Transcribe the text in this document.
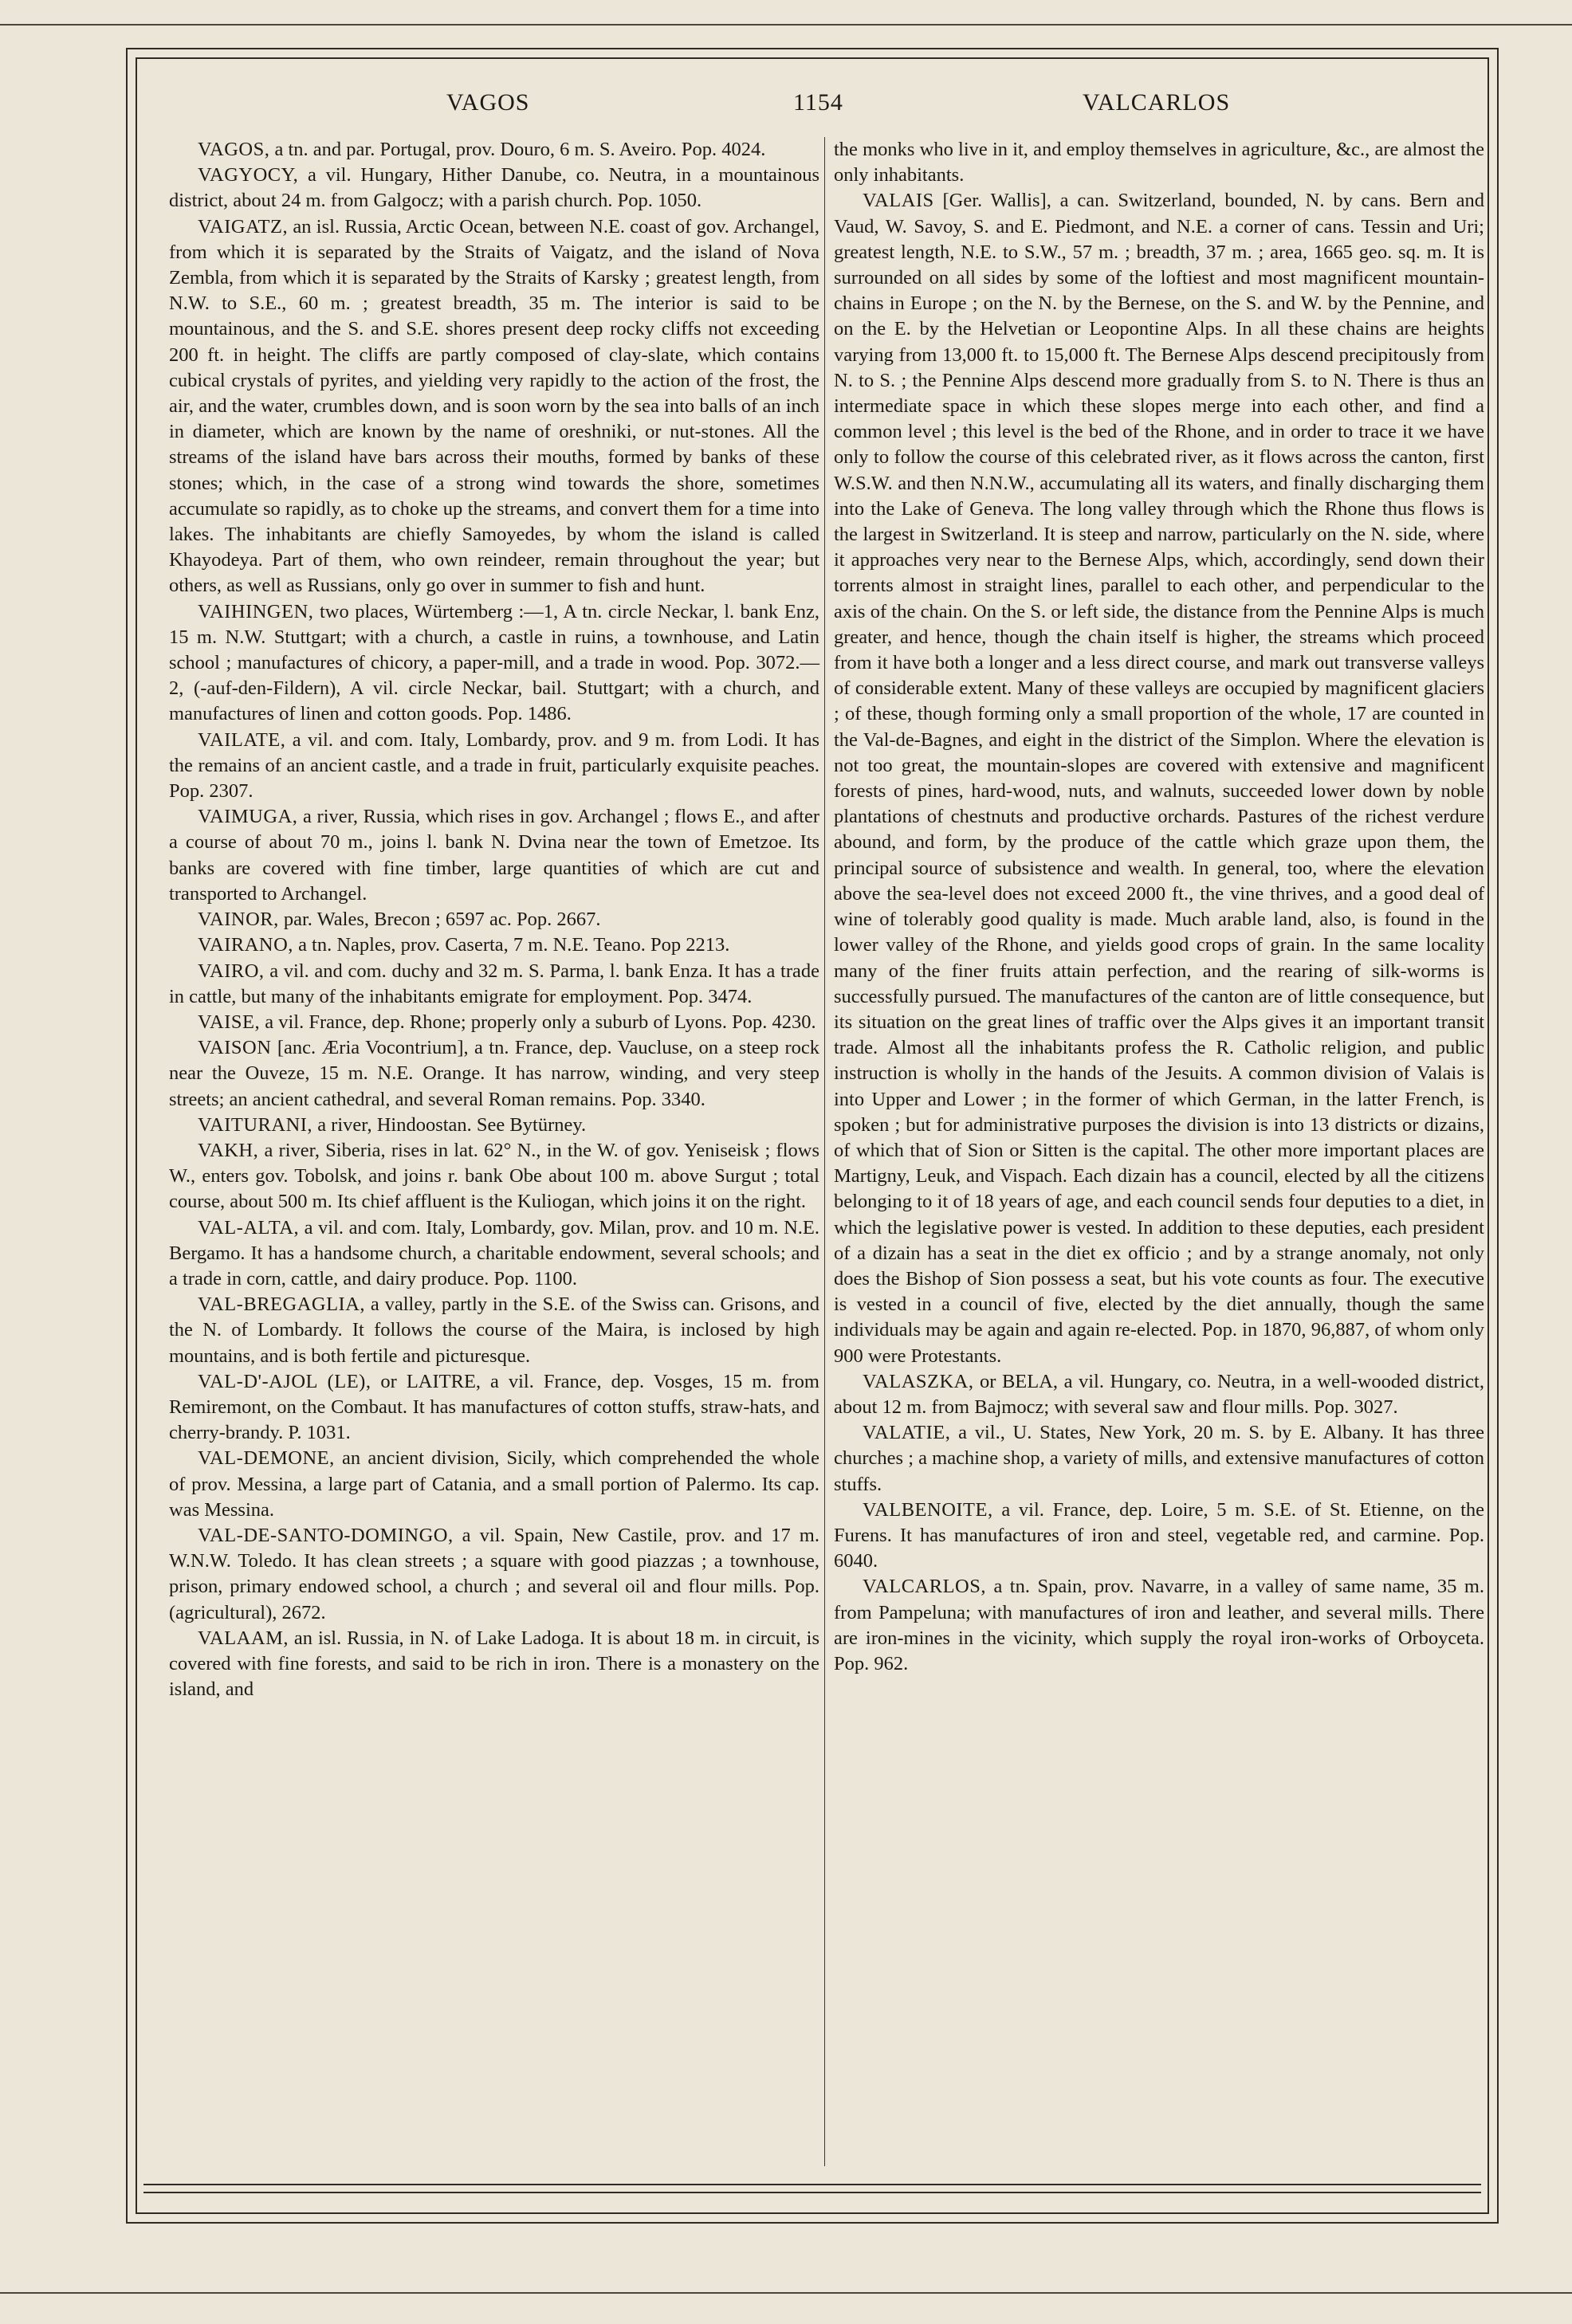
VAGOS	1154	VALCARLOS

VAGOS, a tn. and par. Portugal, prov. Douro, 6 m. S. Aveiro. Pop. 4024.

VAGYOCY, a vil. Hungary, Hither Danube, co. Neutra, in a mountainous district, about 24 m. from Galgocz; with a parish church. Pop. 1050.

VAIGATZ, an isl. Russia, Arctic Ocean, between N.E. coast of gov. Archangel, from which it is separated by the Straits of Vaigatz, and the island of Nova Zembla, from which it is separated by the Straits of Karsky ; greatest length, from N.W. to S.E., 60 m. ; greatest breadth, 35 m. The interior is said to be mountainous, and the S. and S.E. shores present deep rocky cliffs not exceeding 200 ft. in height. The cliffs are partly composed of clay-slate, which contains cubical crystals of pyrites, and yielding very rapidly to the action of the frost, the air, and the water, crumbles down, and is soon worn by the sea into balls of an inch in diameter, which are known by the name of oreshniki, or nut-stones. All the streams of the island have bars across their mouths, formed by banks of these stones; which, in the case of a strong wind towards the shore, sometimes accumulate so rapidly, as to choke up the streams, and convert them for a time into lakes. The inhabitants are chiefly Samoyedes, by whom the island is called Khayodeya. Part of them, who own reindeer, remain throughout the year; but others, as well as Russians, only go over in summer to fish and hunt.

VAIHINGEN, two places, Würtemberg :—1, A tn. circle Neckar, l. bank Enz, 15 m. N.W. Stuttgart; with a church, a castle in ruins, a townhouse, and Latin school ; manufactures of chicory, a paper-mill, and a trade in wood. Pop. 3072.—2, (-auf-den-Fildern), A vil. circle Neckar, bail. Stuttgart; with a church, and manufactures of linen and cotton goods. Pop. 1486.

VAILATE, a vil. and com. Italy, Lombardy, prov. and 9 m. from Lodi. It has the remains of an ancient castle, and a trade in fruit, particularly exquisite peaches. Pop. 2307.

VAIMUGA, a river, Russia, which rises in gov. Archangel ; flows E., and after a course of about 70 m., joins l. bank N. Dvina near the town of Emetzoe. Its banks are covered with fine timber, large quantities of which are cut and transported to Archangel.

VAINOR, par. Wales, Brecon ; 6597 ac. Pop. 2667.

VAIRANO, a tn. Naples, prov. Caserta, 7 m. N.E. Teano. Pop 2213.

VAIRO, a vil. and com. duchy and 32 m. S. Parma, l. bank Enza. It has a trade in cattle, but many of the inhabitants emigrate for employment. Pop. 3474.

VAISE, a vil. France, dep. Rhone; properly only a suburb of Lyons. Pop. 4230.

VAISON [anc. Æria Vocontrium], a tn. France, dep. Vaucluse, on a steep rock near the Ouveze, 15 m. N.E. Orange. It has narrow, winding, and very steep streets; an ancient cathedral, and several Roman remains. Pop. 3340.

VAITURANI, a river, Hindoostan. See Bytürney.

VAKH, a river, Siberia, rises in lat. 62° N., in the W. of gov. Yeniseisk ; flows W., enters gov. Tobolsk, and joins r. bank Obe about 100 m. above Surgut ; total course, about 500 m. Its chief affluent is the Kuliogan, which joins it on the right.

VAL-ALTA, a vil. and com. Italy, Lombardy, gov. Milan, prov. and 10 m. N.E. Bergamo. It has a handsome church, a charitable endowment, several schools; and a trade in corn, cattle, and dairy produce. Pop. 1100.

VAL-BREGAGLIA, a valley, partly in the S.E. of the Swiss can. Grisons, and the N. of Lombardy. It follows the course of the Maira, is inclosed by high mountains, and is both fertile and picturesque.

VAL-D'-AJOL (LE), or LAITRE, a vil. France, dep. Vosges, 15 m. from Remiremont, on the Combaut. It has manufactures of cotton stuffs, straw-hats, and cherry-brandy. P. 1031.

VAL-DEMONE, an ancient division, Sicily, which comprehended the whole of prov. Messina, a large part of Catania, and a small portion of Palermo. Its cap. was Messina.

VAL-DE-SANTO-DOMINGO, a vil. Spain, New Castile, prov. and 17 m. W.N.W. Toledo. It has clean streets ; a square with good piazzas ; a townhouse, prison, primary endowed school, a church ; and several oil and flour mills. Pop. (agricultural), 2672.

VALAAM, an isl. Russia, in N. of Lake Ladoga. It is about 18 m. in circuit, is covered with fine forests, and said to be rich in iron. There is a monastery on the island, and

the monks who live in it, and employ themselves in agriculture, &c., are almost the only inhabitants.

VALAIS [Ger. Wallis], a can. Switzerland, bounded, N. by cans. Bern and Vaud, W. Savoy, S. and E. Piedmont, and N.E. a corner of cans. Tessin and Uri; greatest length, N.E. to S.W., 57 m. ; breadth, 37 m. ; area, 1665 geo. sq. m. It is surrounded on all sides by some of the loftiest and most magnificent mountain-chains in Europe ; on the N. by the Bernese, on the S. and W. by the Pennine, and on the E. by the Helvetian or Leopontine Alps. In all these chains are heights varying from 13,000 ft. to 15,000 ft. The Bernese Alps descend precipitously from N. to S. ; the Pennine Alps descend more gradually from S. to N. There is thus an intermediate space in which these slopes merge into each other, and find a common level ; this level is the bed of the Rhone, and in order to trace it we have only to follow the course of this celebrated river, as it flows across the canton, first W.S.W. and then N.N.W., accumulating all its waters, and finally discharging them into the Lake of Geneva. The long valley through which the Rhone thus flows is the largest in Switzerland. It is steep and narrow, particularly on the N. side, where it approaches very near to the Bernese Alps, which, accordingly, send down their torrents almost in straight lines, parallel to each other, and perpendicular to the axis of the chain. On the S. or left side, the distance from the Pennine Alps is much greater, and hence, though the chain itself is higher, the streams which proceed from it have both a longer and a less direct course, and mark out transverse valleys of considerable extent. Many of these valleys are occupied by magnificent glaciers ; of these, though forming only a small proportion of the whole, 17 are counted in the Val-de-Bagnes, and eight in the district of the Simplon. Where the elevation is not too great, the mountain-slopes are covered with extensive and magnificent forests of pines, hard-wood, nuts, and walnuts, succeeded lower down by noble plantations of chestnuts and productive orchards. Pastures of the richest verdure abound, and form, by the produce of the cattle which graze upon them, the principal source of subsistence and wealth. In general, too, where the elevation above the sea-level does not exceed 2000 ft., the vine thrives, and a good deal of wine of tolerably good quality is made. Much arable land, also, is found in the lower valley of the Rhone, and yields good crops of grain. In the same locality many of the finer fruits attain perfection, and the rearing of silk-worms is successfully pursued. The manufactures of the canton are of little consequence, but its situation on the great lines of traffic over the Alps gives it an important transit trade. Almost all the inhabitants profess the R. Catholic religion, and public instruction is wholly in the hands of the Jesuits. A common division of Valais is into Upper and Lower ; in the former of which German, in the latter French, is spoken ; but for administrative purposes the division is into 13 districts or dizains, of which that of Sion or Sitten is the capital. The other more important places are Martigny, Leuk, and Vispach. Each dizain has a council, elected by all the citizens belonging to it of 18 years of age, and each council sends four deputies to a diet, in which the legislative power is vested. In addition to these deputies, each president of a dizain has a seat in the diet ex officio ; and by a strange anomaly, not only does the Bishop of Sion possess a seat, but his vote counts as four. The executive is vested in a council of five, elected by the diet annually, though the same individuals may be again and again re-elected. Pop. in 1870, 96,887, of whom only 900 were Protestants.

VALASZKA, or BELA, a vil. Hungary, co. Neutra, in a well-wooded district, about 12 m. from Bajmocz; with several saw and flour mills. Pop. 3027.

VALATIE, a vil., U. States, New York, 20 m. S. by E. Albany. It has three churches ; a machine shop, a variety of mills, and extensive manufactures of cotton stuffs.

VALBENOITE, a vil. France, dep. Loire, 5 m. S.E. of St. Etienne, on the Furens. It has manufactures of iron and steel, vegetable red, and carmine. Pop. 6040.

VALCARLOS, a tn. Spain, prov. Navarre, in a valley of same name, 35 m. from Pampeluna; with manufactures of iron and leather, and several mills. There are iron-mines in the vicinity, which supply the royal iron-works of Orboyceta. Pop. 962.
